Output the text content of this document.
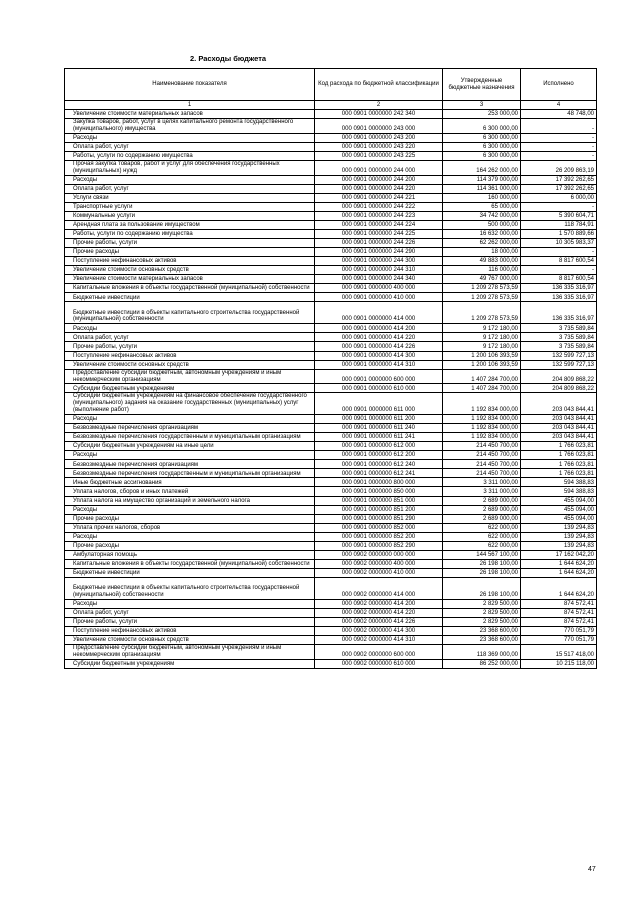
2. Расходы бюджета
Наименование показателя	Код расхода по бюджетной классификации	Утвержденные бюджетные назначения	Исполнено
1	2	3	4
Увеличение стоимости материальных запасов	000 0901 0000000 242 340	253 000,00	48 748,00
Закупка товаров, работ, услуг в целях капитального ремонта государственного (муниципального) имущества	000 0901 0000000 243 000	6 300 000,00	-
Расходы	000 0901 0000000 243 200	6 300 000,00	-
Оплата работ, услуг	000 0901 0000000 243 220	6 300 000,00	-
Работы, услуги по содержанию имущества	000 0901 0000000 243 225	6 300 000,00	-
Прочая закупка товаров, работ и услуг для обеспечения государственных (муниципальных) нужд	000 0901 0000000 244 000	164 262 000,00	26 209 863,19
Расходы	000 0901 0000000 244 200	114 379 000,00	17 392 262,65
Оплата работ, услуг	000 0901 0000000 244 220	114 361 000,00	17 392 262,65
Услуги связи	000 0901 0000000 244 221	160 000,00	6 000,00
Транспортные услуги	000 0901 0000000 244 222	65 000,00	-
Коммунальные услуги	000 0901 0000000 244 223	34 742 000,00	5 390 604,71
Арендная плата за пользование имуществом	000 0901 0000000 244 224	500 000,00	118 784,91
Работы, услуги по содержанию имущества	000 0901 0000000 244 225	16 632 000,00	1 570 889,66
Прочие работы, услуги	000 0901 0000000 244 226	62 262 000,00	10 305 983,37
Прочие расходы	000 0901 0000000 244 290	18 000,00	-
Поступление нефинансовых активов	000 0901 0000000 244 300	49 883 000,00	8 817 600,54
Увеличение стоимости основных средств	000 0901 0000000 244 310	116 000,00	-
Увеличение стоимости материальных запасов	000 0901 0000000 244 340	49 767 000,00	8 817 600,54
Капитальные вложения в объекты государственной (муниципальной) собственности	000 0901 0000000 400 000	1 209 278 573,59	136 335 316,97
Бюджетные инвестиции	000 0901 0000000 410 000	1 209 278 573,59	136 335 316,97
Бюджетные инвестиции в объекты капитального строительства государственной (муниципальной) собственности	000 0901 0000000 414 000	1 209 278 573,59	136 335 316,97
Расходы	000 0901 0000000 414 200	9 172 180,00	3 735 589,84
Оплата работ, услуг	000 0901 0000000 414 220	9 172 180,00	3 735 589,84
Прочие работы, услуги	000 0901 0000000 414 226	9 172 180,00	3 735 589,84
Поступление нефинансовых активов	000 0901 0000000 414 300	1 200 106 393,59	132 599 727,13
Увеличение стоимости основных средств	000 0901 0000000 414 310	1 200 106 393,59	132 599 727,13
Предоставление субсидий бюджетным, автономным учреждениям и иным некоммерческим организациям	000 0901 0000000 600 000	1 407 284 700,00	204 809 868,22
Субсидии бюджетным учреждениям	000 0901 0000000 610 000	1 407 284 700,00	204 809 868,22
Субсидии бюджетным учреждениям на финансовое обеспечение государственного (муниципального) задания на оказание государственных (муниципальных) услуг (выполнение работ)	000 0901 0000000 611 000	1 192 834 000,00	203 043 844,41
Расходы	000 0901 0000000 611 200	1 192 834 000,00	203 043 844,41
Безвозмездные перечисления организациям	000 0901 0000000 611 240	1 192 834 000,00	203 043 844,41
Безвозмездные перечисления государственным и муниципальным организациям	000 0901 0000000 611 241	1 192 834 000,00	203 043 844,41
Субсидии бюджетным учреждениям на иные цели	000 0901 0000000 612 000	214 450 700,00	1 766 023,81
Расходы	000 0901 0000000 612 200	214 450 700,00	1 766 023,81
Безвозмездные перечисления организациям	000 0901 0000000 612 240	214 450 700,00	1 766 023,81
Безвозмездные перечисления государственным и муниципальным организациям	000 0901 0000000 612 241	214 450 700,00	1 766 023,81
Иные бюджетные ассигнования	000 0901 0000000 800 000	3 311 000,00	594 388,83
Уплата налогов, сборов и иных платежей	000 0901 0000000 850 000	3 311 000,00	594 388,83
Уплата налога на имущество организаций и земельного налога	000 0901 0000000 851 000	2 689 000,00	455 094,00
Расходы	000 0901 0000000 851 200	2 689 000,00	455 094,00
Прочие расходы	000 0901 0000000 851 290	2 689 000,00	455 094,00
Уплата прочих налогов, сборов	000 0901 0000000 852 000	622 000,00	139 294,83
Расходы	000 0901 0000000 852 200	622 000,00	139 294,83
Прочие расходы	000 0901 0000000 852 290	622 000,00	139 294,83
Амбулаторная помощь	000 0902 0000000 000 000	144 567 100,00	17 162 042,20
Капитальные вложения в объекты государственной (муниципальной) собственности	000 0902 0000000 400 000	26 198 100,00	1 644 624,20
Бюджетные инвестиции	000 0902 0000000 410 000	26 198 100,00	1 644 624,20
Бюджетные инвестиции в объекты капитального строительства государственной (муниципальной) собственности	000 0902 0000000 414 000	26 198 100,00	1 644 624,20
Расходы	000 0902 0000000 414 200	2 829 500,00	874 572,41
Оплата работ, услуг	000 0902 0000000 414 220	2 829 500,00	874 572,41
Прочие работы, услуги	000 0902 0000000 414 226	2 829 500,00	874 572,41
Поступление нефинансовых активов	000 0902 0000000 414 300	23 368 600,00	770 051,79
Увеличение стоимости основных средств	000 0902 0000000 414 310	23 368 600,00	770 051,79
Предоставление субсидий бюджетным, автономным учреждениям и иным некоммерческим организациям	000 0902 0000000 600 000	118 369 000,00	15 517 418,00
Субсидии бюджетным учреждениям	000 0902 0000000 610 000	86 252 000,00	10 215 118,00
47
